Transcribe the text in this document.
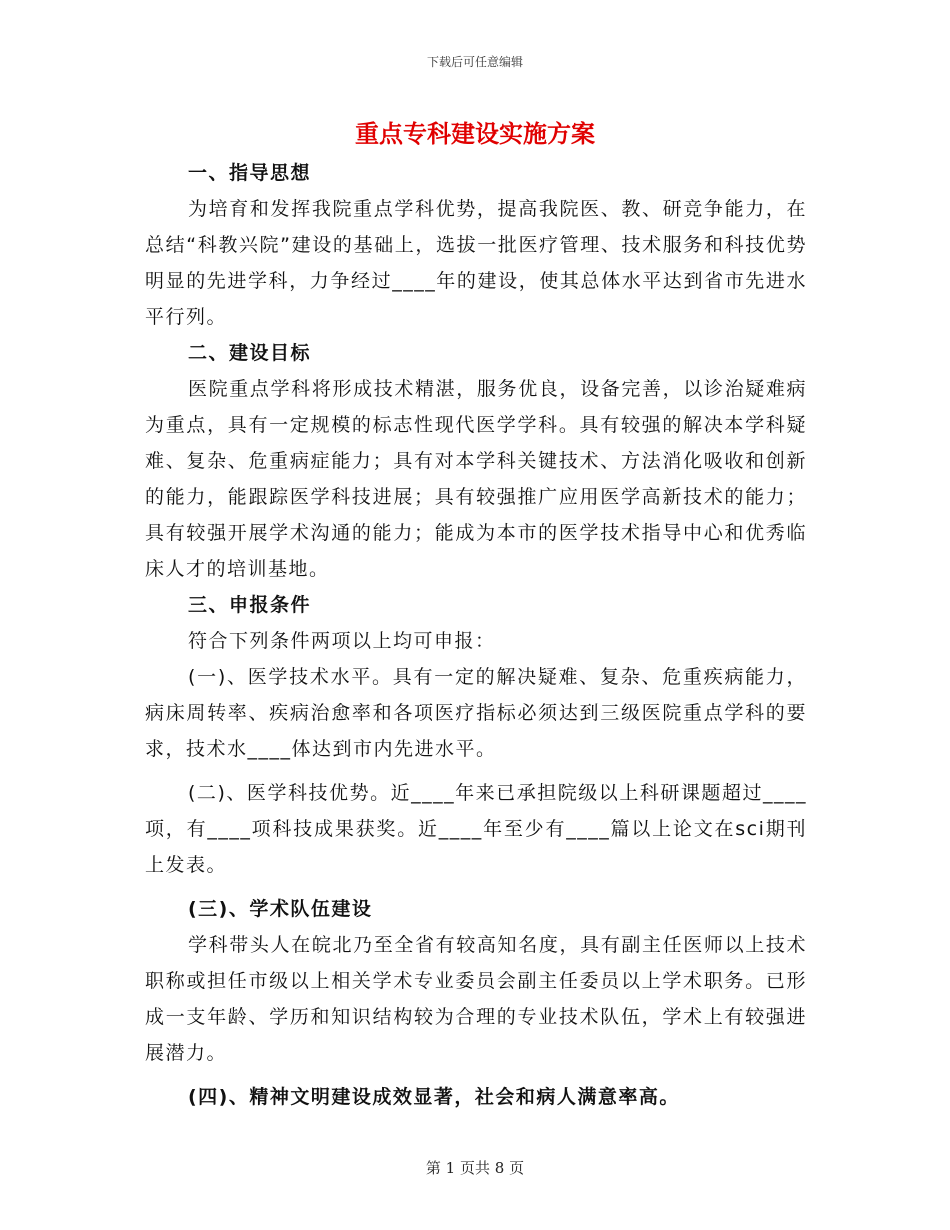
下载后可任意编辑
重点专科建设实施方案

一、指导思想

为培育和发挥我院重点学科优势，提高我院医、教、研竞争能力，在总结“科教兴院”建设的基础上，选拔一批医疗管理、技术服务和科技优势明显的先进学科，力争经过____年的建设，使其总体水平达到省市先进水平行列。

二、建设目标

医院重点学科将形成技术精湛，服务优良，设备完善，以诊治疑难病为重点，具有一定规模的标志性现代医学学科。具有较强的解决本学科疑难、复杂、危重病症能力；具有对本学科关键技术、方法消化吸收和创新的能力，能跟踪医学科技进展；具有较强推广应用医学高新技术的能力；具有较强开展学术沟通的能力；能成为本市的医学技术指导中心和优秀临床人才的培训基地。

三、申报条件

符合下列条件两项以上均可申报：

(一)、医学技术水平。具有一定的解决疑难、复杂、危重疾病能力，病床周转率、疾病治愈率和各项医疗指标必须达到三级医院重点学科的要求，技术水____体达到市内先进水平。

(二)、医学科技优势。近____年来已承担院级以上科研课题超过____项，有____项科技成果获奖。近____年至少有____篇以上论文在sci期刊上发表。

(三)、学术队伍建设

学科带头人在皖北乃至全省有较高知名度，具有副主任医师以上技术职称或担任市级以上相关学术专业委员会副主任委员以上学术职务。已形成一支年龄、学历和知识结构较为合理的专业技术队伍，学术上有较强进展潜力。

(四)、精神文明建设成效显著，社会和病人满意率高。

第 1 页共 8 页
